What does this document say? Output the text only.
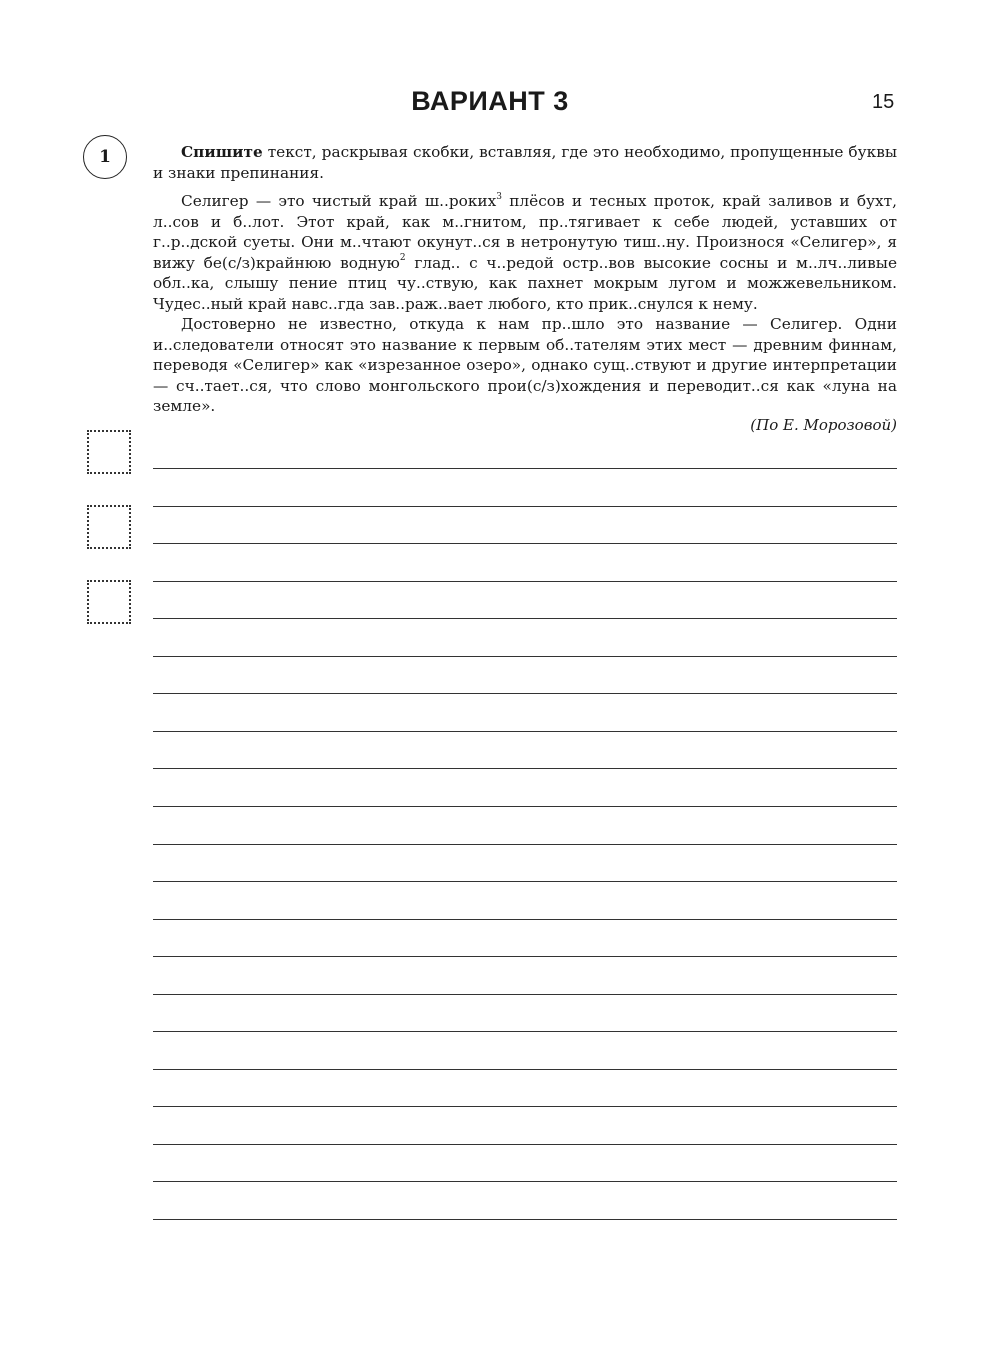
ВАРИАНТ 3	15
1	Спишите текст, раскрывая скобки, вставляя, где это необходимо, пропущенные буквы и знаки препинания.

Селигер — это чистый край ш..роких$^3$ плёсов и тесных проток, край заливов и бухт, л..сов и б..лот. Этот край, как м..гнитом, пр..тягивает к себе людей, уставших от г..р..дской суеты. Они м..чтают окунут..ся в нетронутую тиш..ну. Произнося «Селигер», я вижу бе(с/з)крайнюю водную$^2$ глад.. с ч..редой остр..вов высокие сосны и м..лч..ливые обл..ка, слышу пение птиц чу..ствую, как пахнет мокрым лугом и можжевельником. Чудес..ный край навс..гда зав..раж..вает любого, кто прик..снулся к нему.

Достоверно не известно, откуда к нам пр..шло это название — Селигер. Одни и..следователи относят это название к первым об..тателям этих мест — древним финнам, переводя «Селигер» как «изрезанное озеро», однако сущ..ствуют и другие интерпретации — сч..тает..ся, что слово монгольского прои(с/з)хождения и переводит..ся как «луна на земле».

(По Е. Морозовой)
